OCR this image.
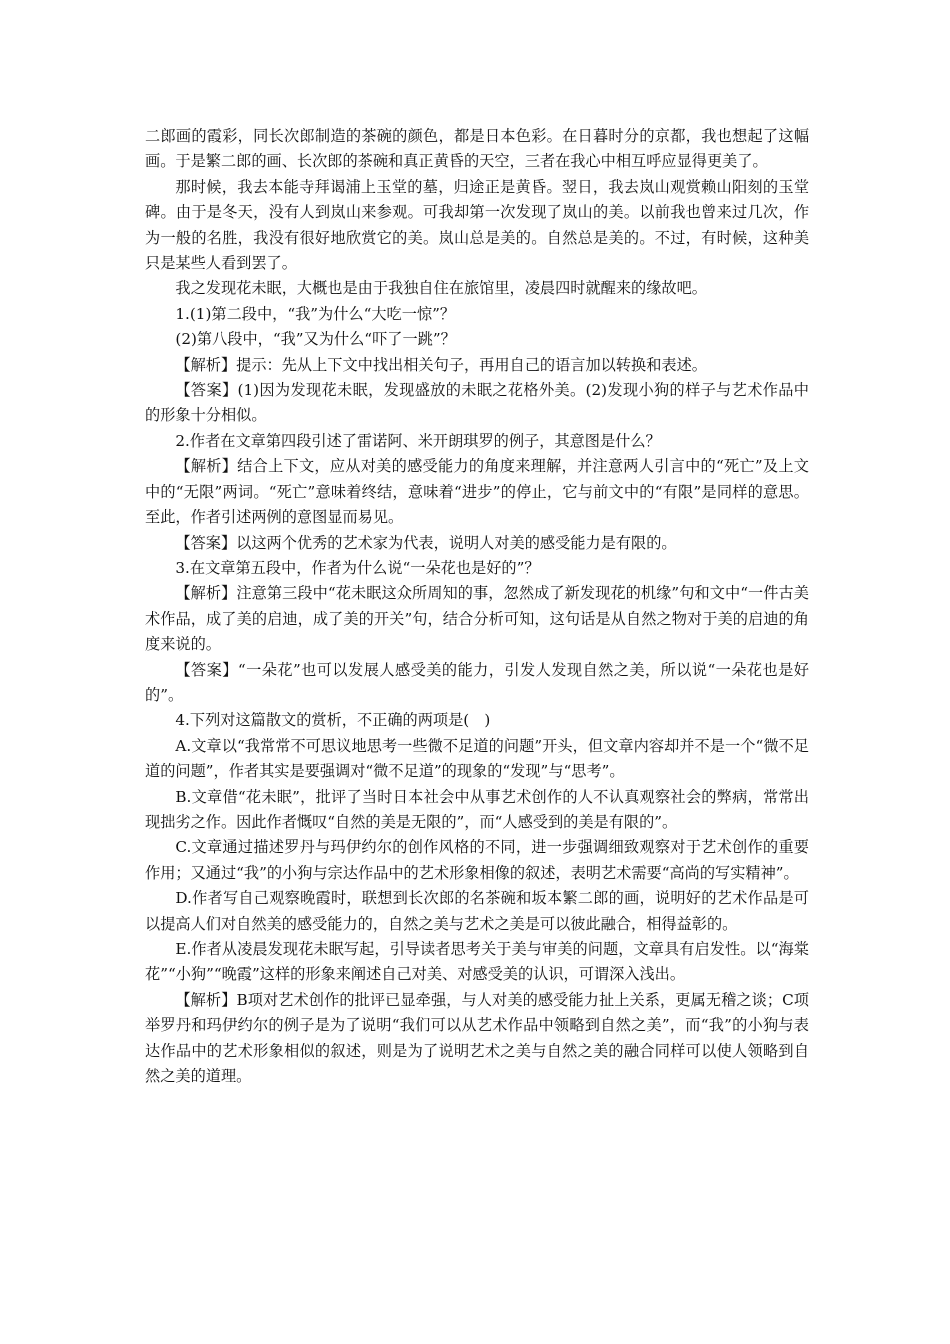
二郎画的霞彩，同长次郎制造的茶碗的颜色，都是日本色彩。在日暮时分的京都，我也想起了这幅画。于是繁二郎的画、长次郎的茶碗和真正黄昏的天空，三者在我心中相互呼应显得更美了。

那时候，我去本能寺拜谒浦上玉堂的墓，归途正是黄昏。翌日，我去岚山观赏赖山阳刻的玉堂碑。由于是冬天，没有人到岚山来参观。可我却第一次发现了岚山的美。以前我也曾来过几次，作为一般的名胜，我没有很好地欣赏它的美。岚山总是美的。自然总是美的。不过，有时候，这种美只是某些人看到罢了。

我之发现花未眠，大概也是由于我独自住在旅馆里，凌晨四时就醒来的缘故吧。

1.(1)第二段中，“我”为什么“大吃一惊”？

(2)第八段中，“我”又为什么“吓了一跳”？

【解析】提示：先从上下文中找出相关句子，再用自己的语言加以转换和表述。

【答案】(1)因为发现花未眠，发现盛放的未眠之花格外美。(2)发现小狗的样子与艺术作品中的形象十分相似。

2.作者在文章第四段引述了雷诺阿、米开朗琪罗的例子，其意图是什么？

【解析】结合上下文，应从对美的感受能力的角度来理解，并注意两人引言中的“死亡”及上文中的“无限”两词。“死亡”意味着终结，意味着“进步”的停止，它与前文中的“有限”是同样的意思。至此，作者引述两例的意图显而易见。

【答案】以这两个优秀的艺术家为代表，说明人对美的感受能力是有限的。

3.在文章第五段中，作者为什么说“一朵花也是好的”？

【解析】注意第三段中“花未眠这众所周知的事，忽然成了新发现花的机缘”句和文中“一件古美术作品，成了美的启迪，成了美的开关”句，结合分析可知，这句话是从自然之物对于美的启迪的角度来说的。

【答案】“一朵花”也可以发展人感受美的能力，引发人发现自然之美，所以说“一朵花也是好的”。

4.下列对这篇散文的赏析，不正确的两项是(　)

A.文章以“我常常不可思议地思考一些微不足道的问题”开头，但文章内容却并不是一个“微不足道的问题”，作者其实是要强调对“微不足道”的现象的“发现”与“思考”。

B.文章借“花未眠”，批评了当时日本社会中从事艺术创作的人不认真观察社会的弊病，常常出现拙劣之作。因此作者慨叹“自然的美是无限的”，而“人感受到的美是有限的”。

C.文章通过描述罗丹与玛伊约尔的创作风格的不同，进一步强调细致观察对于艺术创作的重要作用；又通过“我”的小狗与宗达作品中的艺术形象相像的叙述，表明艺术需要“高尚的写实精神”。

D.作者写自己观察晚霞时，联想到长次郎的名茶碗和坂本繁二郎的画，说明好的艺术作品是可以提高人们对自然美的感受能力的，自然之美与艺术之美是可以彼此融合，相得益彰的。

E.作者从凌晨发现花未眠写起，引导读者思考关于美与审美的问题，文章具有启发性。以“海棠花”“小狗”“晚霞”这样的形象来阐述自己对美、对感受美的认识，可谓深入浅出。

【解析】B项对艺术创作的批评已显牵强，与人对美的感受能力扯上关系，更属无稽之谈；C项举罗丹和玛伊约尔的例子是为了说明“我们可以从艺术作品中领略到自然之美”，而“我”的小狗与表达作品中的艺术形象相似的叙述，则是为了说明艺术之美与自然之美的融合同样可以使人领略到自然之美的道理。
